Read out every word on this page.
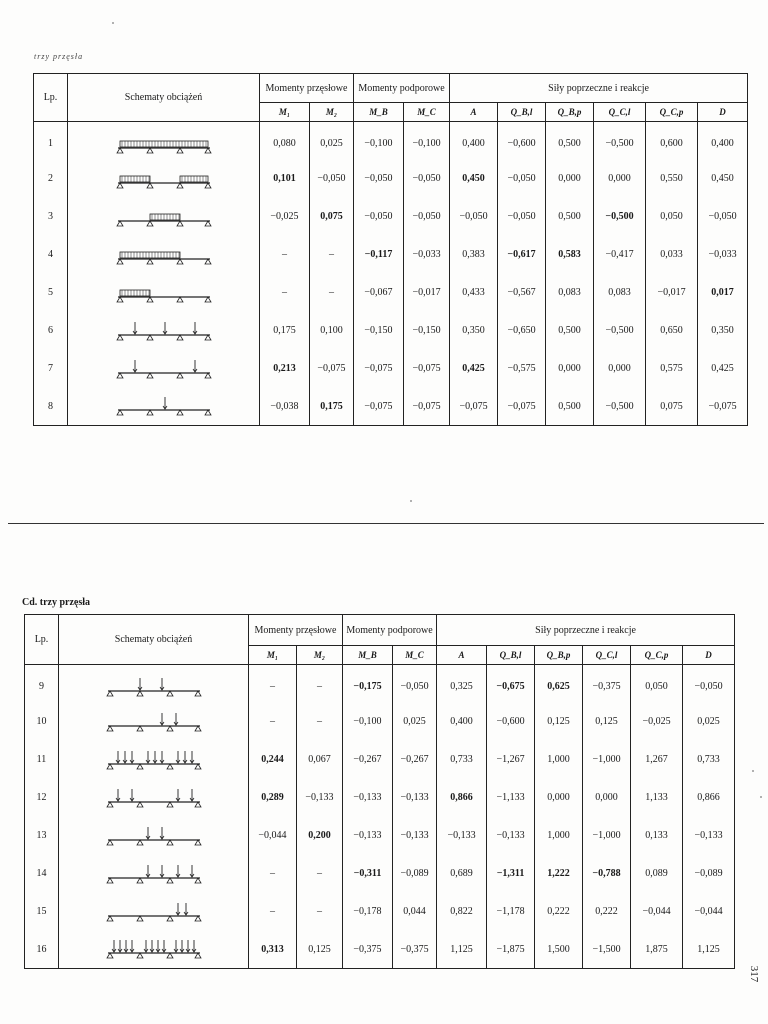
trzy przęsła
Lp.	Schematy obciążeń	Momenty przęsłowe		Momenty podporowe		Siły poprzeczne i reakcje					
		M₁	M₂	M_B	M_C	A	Q_B,l	Q_B,p	Q_C,l	Q_C,p	D
1		0,080	0,025	−0,100	−0,100	0,400	−0,600	0,500	−0,500	0,600	0,400
2		0,101	−0,050	−0,050	−0,050	0,450	−0,050	0,000	0,000	0,550	0,450
3		−0,025	0,075	−0,050	−0,050	−0,050	−0,050	0,500	−0,500	0,050	−0,050
4		–	–	−0,117	−0,033	0,383	−0,617	0,583	−0,417	0,033	−0,033
5		–	–	−0,067	−0,017	0,433	−0,567	0,083	0,083	−0,017	0,017
6		0,175	0,100	−0,150	−0,150	0,350	−0,650	0,500	−0,500	0,650	0,350
7		0,213	−0,075	−0,075	−0,075	0,425	−0,575	0,000	0,000	0,575	0,425
8		−0,038	0,175	−0,075	−0,075	−0,075	−0,075	0,500	−0,500	0,075	−0,075
Cd. trzy przęsła
Lp.	Schematy obciążeń	Momenty przęsłowe		Momenty podporowe		Siły poprzeczne i reakcje					
		M₁	M₂	M_B	M_C	A	Q_B,l	Q_B,p	Q_C,l	Q_C,p	D
9		–	–	−0,175	−0,050	0,325	−0,675	0,625	−0,375	0,050	−0,050
10		–	–	−0,100	0,025	0,400	−0,600	0,125	0,125	−0,025	0,025
11		0,244	0,067	−0,267	−0,267	0,733	−1,267	1,000	−1,000	1,267	0,733
12		0,289	−0,133	−0,133	−0,133	0,866	−1,133	0,000	0,000	1,133	0,866
13		−0,044	0,200	−0,133	−0,133	−0,133	−0,133	1,000	−1,000	0,133	−0,133
14		–	–	−0,311	−0,089	0,689	−1,311	1,222	−0,788	0,089	−0,089
15		–	–	−0,178	0,044	0,822	−1,178	0,222	0,222	−0,044	−0,044
16		0,313	0,125	−0,375	−0,375	1,125	−1,875	1,500	−1,500	1,875	1,125
317
